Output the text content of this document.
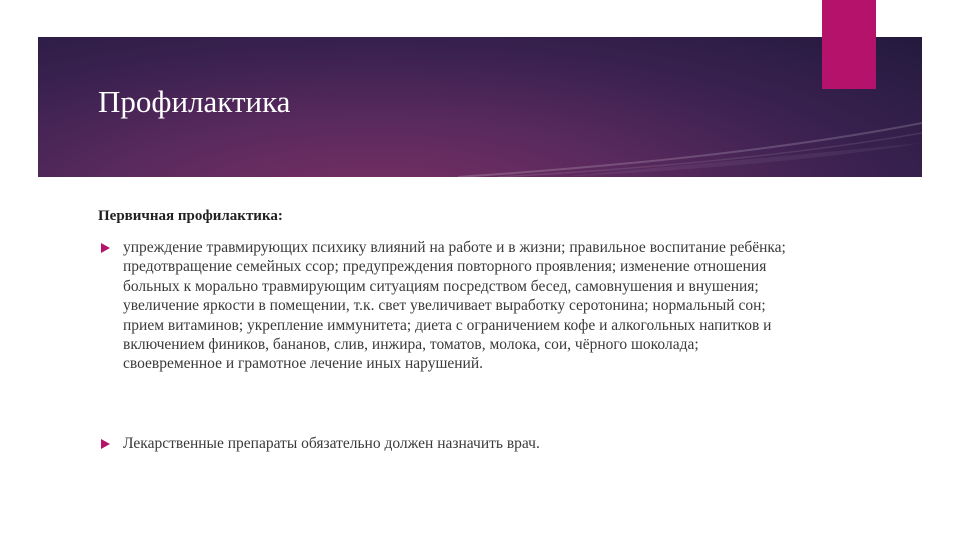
Профилактика

Первичная профилактика:

упреждение травмирующих психику влияний на работе и в жизни; правильное воспитание ребёнка; предотвращение семейных ссор; предупреждения повторного проявления; изменение отношения больных к морально травмирующим ситуациям посредством бесед, самовнушения и внушения; увеличение яркости в помещении, т.к. свет увеличивает выработку серотонина; нормальный сон; прием витаминов; укрепление иммунитета; диета с ограничением кофе и алкогольных напитков и включением фиников, бананов, слив, инжира, томатов, молока, сои, чёрного шоколада; своевременное и грамотное лечение иных нарушений.

Лекарственные препараты обязательно должен назначить врач.
